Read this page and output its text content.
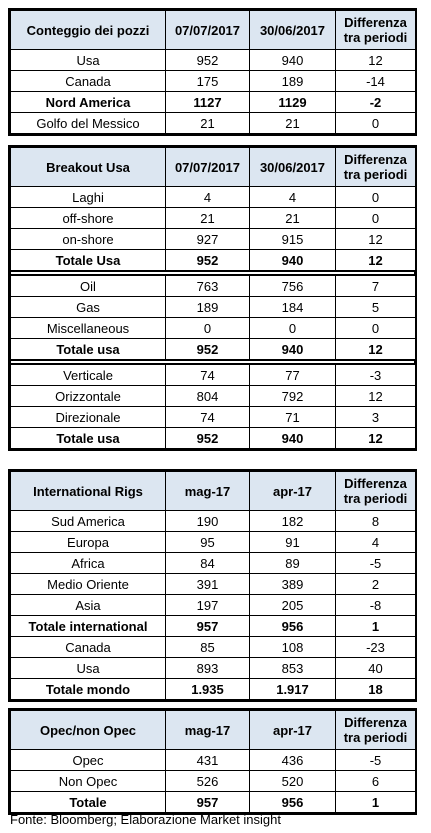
Conteggio dei pozzi	07/07/2017	30/06/2017	Differenza tra periodi
Usa	952	940	12
Canada	175	189	-14
Nord America	1127	1129	-2
Golfo del Messico	21	21	0
Breakout Usa	07/07/2017	30/06/2017	Differenza tra periodi
Laghi	4	4	0
off-shore	21	21	0
on-shore	927	915	12
Totale Usa	952	940	12
Oil	763	756	7
Gas	189	184	5
Miscellaneous	0	0	0
Totale usa	952	940	12
Verticale	74	77	-3
Orizzontale	804	792	12
Direzionale	74	71	3
Totale usa	952	940	12
International Rigs	mag-17	apr-17	Differenza tra periodi
Sud America	190	182	8
Europa	95	91	4
Africa	84	89	-5
Medio Oriente	391	389	2
Asia	197	205	-8
Totale international	957	956	1
Canada	85	108	-23
Usa	893	853	40
Totale mondo	1.935	1.917	18
Opec/non Opec	mag-17	apr-17	Differenza tra periodi
Opec	431	436	-5
Non Opec	526	520	6
Totale	957	956	1
Fonte: Bloomberg; Elaborazione Market insight
